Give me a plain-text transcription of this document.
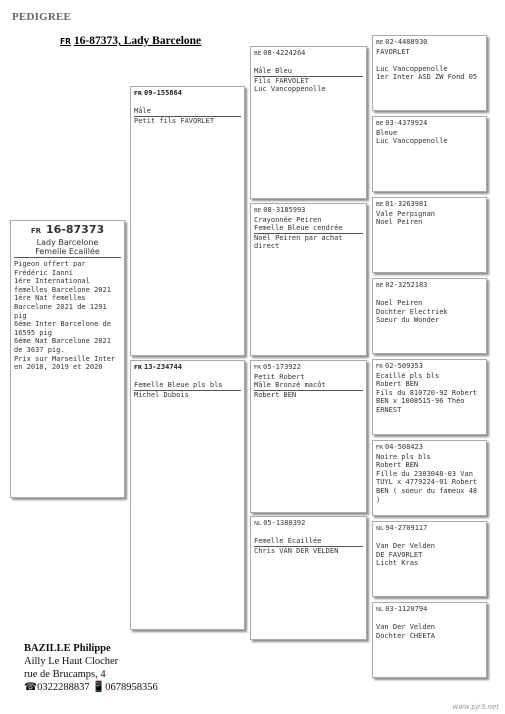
PEDIGREE
FR 16-87373, Lady Barcelone
FR 16-87373
Lady Barcelone
Femelle Ecaillée
Pigeon offert par Frédéric Ianni
1ére International femelles Barcelone 2021
1ére Nat femelles Barcelone 2021 de 1291 pig
6éme Inter Barcelone de 16595 pig
6éme Nat Barcelone 2021 de 3637 pig.
Prix sur Marseille Inter en 2018, 2019 et 2020
FR 09-155864
Mâle
Petit fils FAVORLET
FR 13-234744
Femelle Bleue pls bls
Michel Dubois
BE 08-4224264
Mâle Bleu
Fils FARVOLET
Luc Vancoppenolle
BE 08-3185993
Crayonnée Peiren
Femelle Bleue cendrée
Noël Peiren par achat direct
FR 05-173922
Petit Robert
Mâle Bronzé macôt
Robert BEN
NL 05-1380392
Femelle Écaillée
Chris VAN DER VELDEN
BE 02-4408930
FAVORLET

Luc Vancoppenolle
1er Inter ASD ZW Fond 05
BE 03-4379924
Bleue
Luc Vancoppenolle
BE 01-3263981
Vale Perpignan
Noel Peiren
BE 02-3252183

Noel Peiren
Dochter Electriek
Soeur du Wonder
FR 02-509353
Ecaillé pls bls
Robert BEN
Fils du 810720-92 Robert BEN x 1008515-96 Théo ERNEST
FR 04-508423
Noire pls bls
Robert BEN
Fille du 2303048-03 Van TUYL x 4779224-01 Robert BEN ( soeur du fameux 48 )
NL 94-2709117

Van Der Velden
DE FAVORLET
Licht Kras
NL 03-1120794

Van Der Velden
Dochter CHEETA
BAZILLE Philippe
Ailly Le Haut Clocher
rue de Brucamps, 4
☎0322288837 📱0678958356
www.pjr3.net
